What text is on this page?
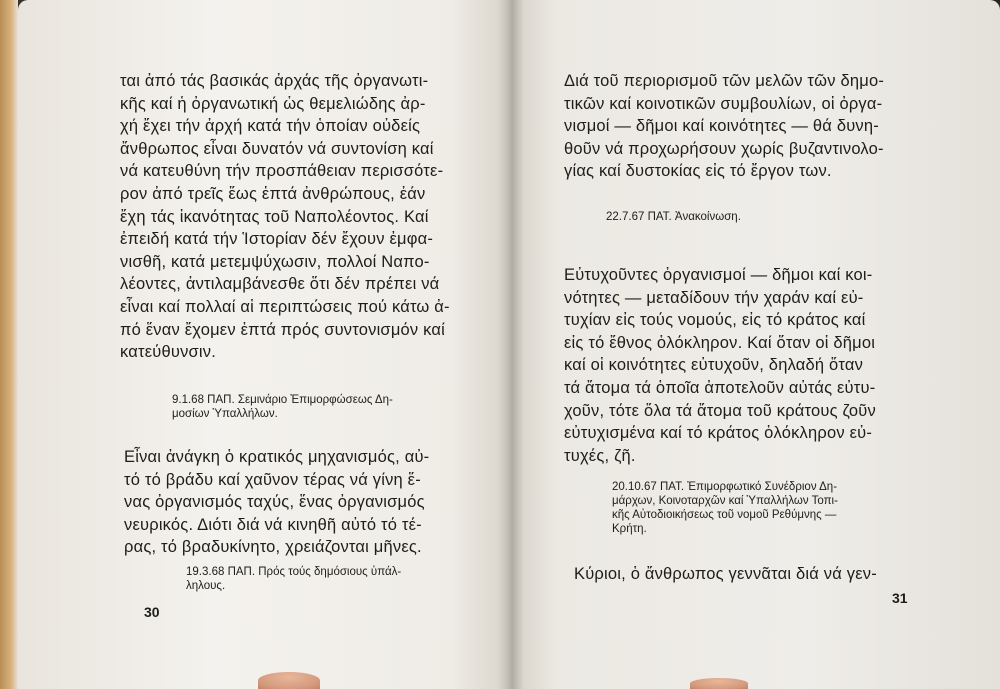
ται ἀπό τάς βασικάς ἀρχάς τῆς ὀργανωτι-
κῆς καί ἡ ὀργανωτική ὡς θεμελιώδης ἀρ-
χή ἔχει τήν ἀρχή κατά τήν ὁποίαν οὐδείς
ἄνθρωπος εἶναι δυνατόν νά συντονίση καί
νά κατευθύνη τήν προσπάθειαν περισσότε-
ρον ἀπό τρεῖς ἕως ἑπτά ἀνθρώπους, ἐάν
ἔχη τάς ἱκανότητας τοῦ Ναπολέοντος. Καί
ἐπειδή κατά τήν Ἱστορίαν δέν ἔχουν ἐμφα-
νισθῆ, κατά μετεμψύχωσιν, πολλοί Ναπο-
λέοντες, ἀντιλαμβάνεσθε ὅτι δέν πρέπει νά
εἶναι καί πολλαί αἱ περιπτώσεις πού κάτω ἀ-
πό ἕναν ἔχομεν ἑπτά πρός συντονισμόν καί
κατεύθυνσιν.
9.1.68 ΠΑΠ. Σεμινάριο Ἐπιμορφώσεως Δη-
μοσίων Ὑπαλλήλων.
Εἶναι ἀνάγκη ὁ κρατικός μηχανισμός, αὐ-
τό τό βράδυ καί χαῦνον τέρας νά γίνη ἕ-
νας ὀργανισμός ταχύς, ἕνας ὀργανισμός
νευρικός. Διότι διά νά κινηθῆ αὐτό τό τέ-
ρας, τό βραδυκίνητο, χρειάζονται μῆνες.
19.3.68 ΠΑΠ. Πρός τούς δημόσιους ὑπάλ-
ληλους.
30
Διά τοῦ περιορισμοῦ τῶν μελῶν τῶν δημο-
τικῶν καί κοινοτικῶν συμβουλίων, οἱ ὀργα-
νισμοί — δῆμοι καί κοινότητες — θά δυνη-
θοῦν νά προχωρήσουν χωρίς βυζαντινολο-
γίας καί δυστοκίας εἰς τό ἔργον των.
22.7.67 ΠΑΤ. Ἀνακοίνωση.
Εὐτυχοῦντες ὀργανισμοί — δῆμοι καί κοι-
νότητες — μεταδίδουν τήν χαράν καί εὐ-
τυχίαν εἰς τούς νομούς, εἰς τό κράτος καί
εἰς τό ἔθνος ὁλόκληρον. Καί ὅταν οἱ δῆμοι
καί οἱ κοινότητες εὐτυχοῦν, δηλαδή ὅταν
τά ἄτομα τά ὁποῖα ἀποτελοῦν αὐτάς εὐτυ-
χοῦν, τότε ὅλα τά ἄτομα τοῦ κράτους ζοῦν
εὐτυχισμένα καί τό κράτος ὁλόκληρον εὐ-
τυχές, ζῆ.
20.10.67 ΠΑΤ. Ἐπιμορφωτικό Συνέδριον Δη-
μάρχων, Κοινοταρχῶν καί Ὑπαλλήλων Τοπι-
κῆς Αὐτοδιοικήσεως τοῦ νομοῦ Ρεθύμνης —
Κρήτη.
Κύριοι, ὁ ἄνθρωπος γεννᾶται διά νά γεν-
31
